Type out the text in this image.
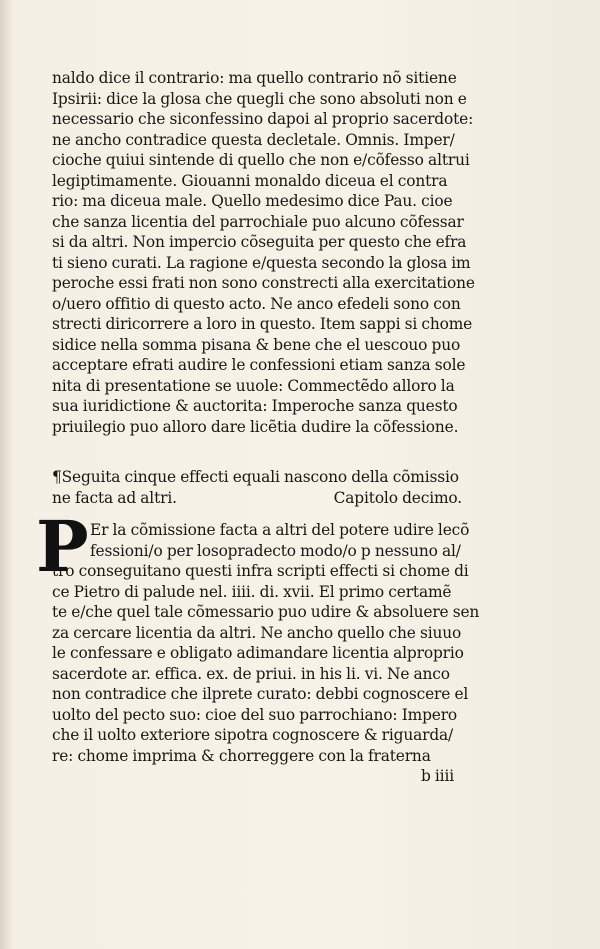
naldo dice il contrario: ma quello contrario nõ sitiene
Ipsirii: dice la glosa che quegli che sono absoluti non e
necessario che siconfessino dapoi al proprio sacerdote:
ne ancho contradice questa decletale. Omnis. Imper/
cioche quiui sintende di quello che non e/cõfesso altrui
legiptimamente. Giouanni monaldo diceua el contra
rio: ma diceua male. Quello medesimo dice Pau. cioe
che sanza licentia del parrochiale puo alcuno cõfessar
si da altri. Non impercio cõseguita per questo che efra
ti sieno curati. La ragione e/questa secondo la glosa im
peroche essi frati non sono constrecti alla exercitatione
o/uero offitio di questo acto. Ne anco efedeli sono con
strecti diricorrere a loro in questo. Item sappi si chome
sidice nella somma pisana & bene che el uescouo puo
acceptare efrati audire le confessioni etiam sanza sole
nita di presentatione se uuole: Commectẽdo alloro la
sua iuridictione & auctorita: Imperoche sanza questo
priuilegio puo alloro dare licẽtia dudire la cõfessione.
¶Seguita cinque effecti equali nascono della cõmissio
ne facta ad altri.	Capitolo decimo.
P Er la cõmissione facta a altri del potere udire lecõ
fessioni/o per losopradecto modo/o p nessuno al/
tro conseguitano questi infra scripti effecti si chome di
ce Pietro di palude nel. iiii. di. xvii. El primo certamẽ
te e/che quel tale cõmessario puo udire & absoluere sen
za cercare licentia da altri. Ne ancho quello che siuuo
le confessare e obligato adimandare licentia alproprio
sacerdote ar. effica. ex. de priui. in his li. vi. Ne anco
non contradice che ilprete curato: debbi cognoscere el
uolto del pecto suo: cioe del suo parrochiano: Impero
che il uolto exteriore sipotra cognoscere & riguarda/
re: chome imprima & chorreggere con la fraterna
b iiii
